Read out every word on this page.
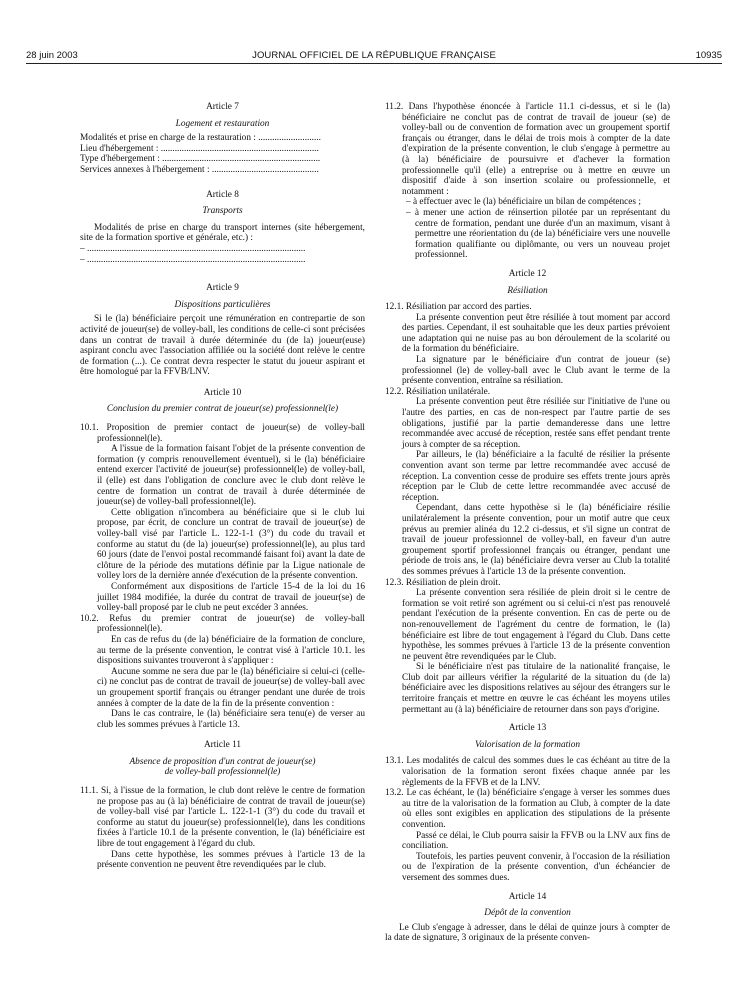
28 juin 2003	JOURNAL OFFICIEL DE LA RÉPUBLIQUE FRANÇAISE	10935

Article 7

Logement et restauration

Modalités et prise en charge de la restauration : ...........................

Lieu d'hébergement : ....................................................................

Type d'hébergement : ....................................................................

Services annexes à l'hébergement : ..............................................

Article 8

Transports

Modalités de prise en charge du transport internes (site hébergement, site de la formation sportive et générale, etc.) :

– ..............................................................................................

– ..............................................................................................

Article 9

Dispositions particulières

Si le (la) bénéficiaire perçoit une rémunération en contrepartie de son activité de joueur(se) de volley-ball, les conditions de celle-ci sont précisées dans un contrat de travail à durée déterminée du (de la) joueur(euse) aspirant conclu avec l'association affiliée ou la société dont relève le centre de formation (...). Ce contrat devra respecter le statut du joueur aspirant et être homologué par la FFVB/LNV.

Article 10

Conclusion du premier contrat de joueur(se) professionnel(le)

10.1. Proposition de premier contact de joueur(se) de volley-ball professionnel(le).

A l'issue de la formation faisant l'objet de la présente convention de formation (y compris renouvellement éventuel), si le (la) bénéficiaire entend exercer l'activité de joueur(se) professionnel(le) de volley-ball, il (elle) est dans l'obligation de conclure avec le club dont relève le centre de formation un contrat de travail à durée déterminée de joueur(se) de volley-ball professionnel(le).

Cette obligation n'incombera au bénéficiaire que si le club lui propose, par écrit, de conclure un contrat de travail de joueur(se) de volley-ball visé par l'article L. 122-1-1 (3°) du code du travail et conforme au statut du (de la) joueur(se) professionnel(le), au plus tard 60 jours (date de l'envoi postal recommandé faisant foi) avant la date de clôture de la période des mutations définie par la Ligue nationale de volley lors de la dernière année d'exécution de la présente convention.

Conformément aux dispositions de l'article 15-4 de la loi du 16 juillet 1984 modifiée, la durée du contrat de travail de joueur(se) de volley-ball proposé par le club ne peut excéder 3 années.

10.2. Refus du premier contrat de joueur(se) de volley-ball professionnel(le).

En cas de refus du (de la) bénéficiaire de la formation de conclure, au terme de la présente convention, le contrat visé à l'article 10.1. les dispositions suivantes trouveront à s'appliquer :

Aucune somme ne sera due par le (la) bénéficiaire si celui-ci (celle-ci) ne conclut pas de contrat de travail de joueur(se) de volley-ball avec un groupement sportif français ou étranger pendant une durée de trois années à compter de la date de la fin de la présente convention :

Dans le cas contraire, le (la) bénéficiaire sera tenu(e) de verser au club les sommes prévues à l'article 13.

Article 11

Absence de proposition d'un contrat de joueur(se)

de volley-ball professionnel(le)

11.1. Si, à l'issue de la formation, le club dont relève le centre de formation ne propose pas au (à la) bénéficiaire de contrat de travail de joueur(se) de volley-ball visé par l'article L. 122-1-1 (3°) du code du travail et conforme au statut du joueur(se) professionnel(le), dans les conditions fixées à l'article 10.1 de la présente convention, le (la) bénéficiaire est libre de tout engagement à l'égard du club.

Dans cette hypothèse, les sommes prévues à l'article 13 de la présente convention ne peuvent être revendiquées par le club.

11.2. Dans l'hypothèse énoncée à l'article 11.1 ci-dessus, et si le (la) bénéficiaire ne conclut pas de contrat de travail de joueur (se) de volley-ball ou de convention de formation avec un groupement sportif français ou étranger, dans le délai de trois mois à compter de la date d'expiration de la présente convention, le club s'engage à permettre au (à la) bénéficiaire de poursuivre et d'achever la formation professionnelle qu'il (elle) a entreprise ou à mettre en œuvre un dispositif d'aide à son insertion scolaire ou professionnelle, et notamment :

– à effectuer avec le (la) bénéficiaire un bilan de compétences ;

– à mener une action de réinsertion pilotée par un représentant du centre de formation, pendant une durée d'un an maximum, visant à permettre une réorientation du (de la) bénéficiaire vers une nouvelle formation qualifiante ou diplômante, ou vers un nouveau projet professionnel.

Article 12

Résiliation

12.1. Résiliation par accord des parties.

La présente convention peut être résiliée à tout moment par accord des parties. Cependant, il est souhaitable que les deux parties prévoient une adaptation qui ne nuise pas au bon déroulement de la scolarité ou de la formation du bénéficiaire.

La signature par le bénéficiaire d'un contrat de joueur (se) professionnel (le) de volley-ball avec le Club avant le terme de la présente convention, entraîne sa résiliation.

12.2. Résiliation unilatérale.

La présente convention peut être résiliée sur l'initiative de l'une ou l'autre des parties, en cas de non-respect par l'autre partie de ses obligations, justifié par la partie demanderesse dans une lettre recommandée avec accusé de réception, restée sans effet pendant trente jours à compter de sa réception.

Par ailleurs, le (la) bénéficiaire a la faculté de résilier la présente convention avant son terme par lettre recommandée avec accusé de réception. La convention cesse de produire ses effets trente jours après réception par le Club de cette lettre recommandée avec accusé de réception.

Cependant, dans cette hypothèse si le (la) bénéficiaire résilie unilatéralement la présente convention, pour un motif autre que ceux prévus au premier alinéa du 12.2 ci-dessus, et s'il signe un contrat de travail de joueur professionnel de volley-ball, en faveur d'un autre groupement sportif professionnel français ou étranger, pendant une période de trois ans, le (la) bénéficiaire devra verser au Club la totalité des sommes prévues à l'article 13 de la présente convention.

12.3. Résiliation de plein droit.

La présente convention sera résiliée de plein droit si le centre de formation se voit retiré son agrément ou si celui-ci n'est pas renouvelé pendant l'exécution de la présente convention. En cas de perte ou de non-renouvellement de l'agrément du centre de formation, le (la) bénéficiaire est libre de tout engagement à l'égard du Club. Dans cette hypothèse, les sommes prévues à l'article 13 de la présente convention ne peuvent être revendiquées par le Club.

Si le bénéficiaire n'est pas titulaire de la nationalité française, le Club doit par ailleurs vérifier la régularité de la situation du (de la) bénéficiaire avec les dispositions relatives au séjour des étrangers sur le territoire français et mettre en œuvre le cas échéant les moyens utiles permettant au (à la) bénéficiaire de retourner dans son pays d'origine.

Article 13

Valorisation de la formation

13.1. Les modalités de calcul des sommes dues le cas échéant au titre de la valorisation de la formation seront fixées chaque année par les règlements de la FFVB et de la LNV.

13.2. Le cas échéant, le (la) bénéficiaire s'engage à verser les sommes dues au titre de la valorisation de la formation au Club, à compter de la date où elles sont exigibles en application des stipulations de la présente convention.

Passé ce délai, le Club pourra saisir la FFVB ou la LNV aux fins de conciliation.

Toutefois, les parties peuvent convenir, à l'occasion de la résiliation ou de l'expiration de la présente convention, d'un échéancier de versement des sommes dues.

Article 14

Dépôt de la convention

Le Club s'engage à adresser, dans le délai de quinze jours à compter de la date de signature, 3 originaux de la présente conven-
